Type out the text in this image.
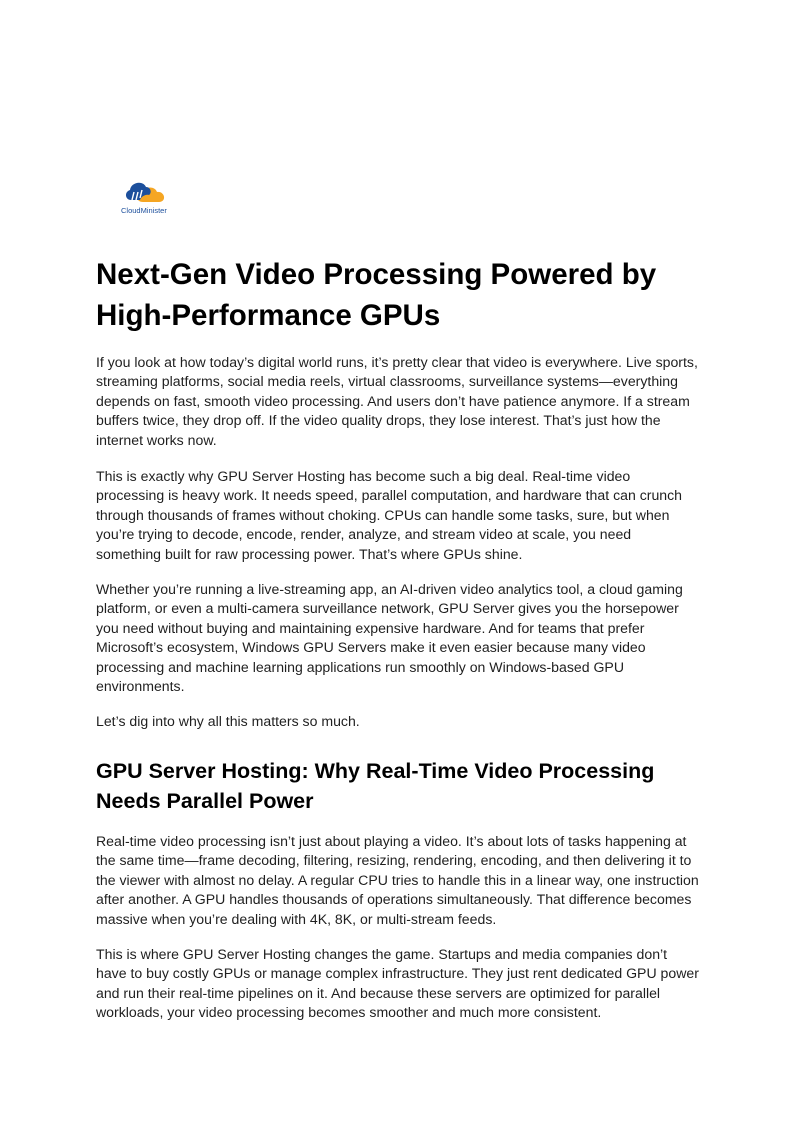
CloudMinister
Next-Gen Video Processing Powered by High-Performance GPUs

If you look at how today’s digital world runs, it’s pretty clear that video is everywhere. Live sports, streaming platforms, social media reels, virtual classrooms, surveillance systems—everything depends on fast, smooth video processing. And users don’t have patience anymore. If a stream buffers twice, they drop off. If the video quality drops, they lose interest. That’s just how the internet works now.

This is exactly why GPU Server Hosting has become such a big deal. Real-time video processing is heavy work. It needs speed, parallel computation, and hardware that can crunch through thousands of frames without choking. CPUs can handle some tasks, sure, but when you’re trying to decode, encode, render, analyze, and stream video at scale, you need something built for raw processing power. That’s where GPUs shine.

Whether you’re running a live-streaming app, an AI-driven video analytics tool, a cloud gaming platform, or even a multi-camera surveillance network, GPU Server gives you the horsepower you need without buying and maintaining expensive hardware. And for teams that prefer Microsoft’s ecosystem, Windows GPU Servers make it even easier because many video processing and machine learning applications run smoothly on Windows-based GPU environments.

Let’s dig into why all this matters so much.

GPU Server Hosting: Why Real-Time Video Processing Needs Parallel Power

Real-time video processing isn’t just about playing a video. It’s about lots of tasks happening at the same time—frame decoding, filtering, resizing, rendering, encoding, and then delivering it to the viewer with almost no delay. A regular CPU tries to handle this in a linear way, one instruction after another. A GPU handles thousands of operations simultaneously. That difference becomes massive when you’re dealing with 4K, 8K, or multi-stream feeds.

This is where GPU Server Hosting changes the game. Startups and media companies don’t have to buy costly GPUs or manage complex infrastructure. They just rent dedicated GPU power and run their real-time pipelines on it. And because these servers are optimized for parallel workloads, your video processing becomes smoother and much more consistent.
